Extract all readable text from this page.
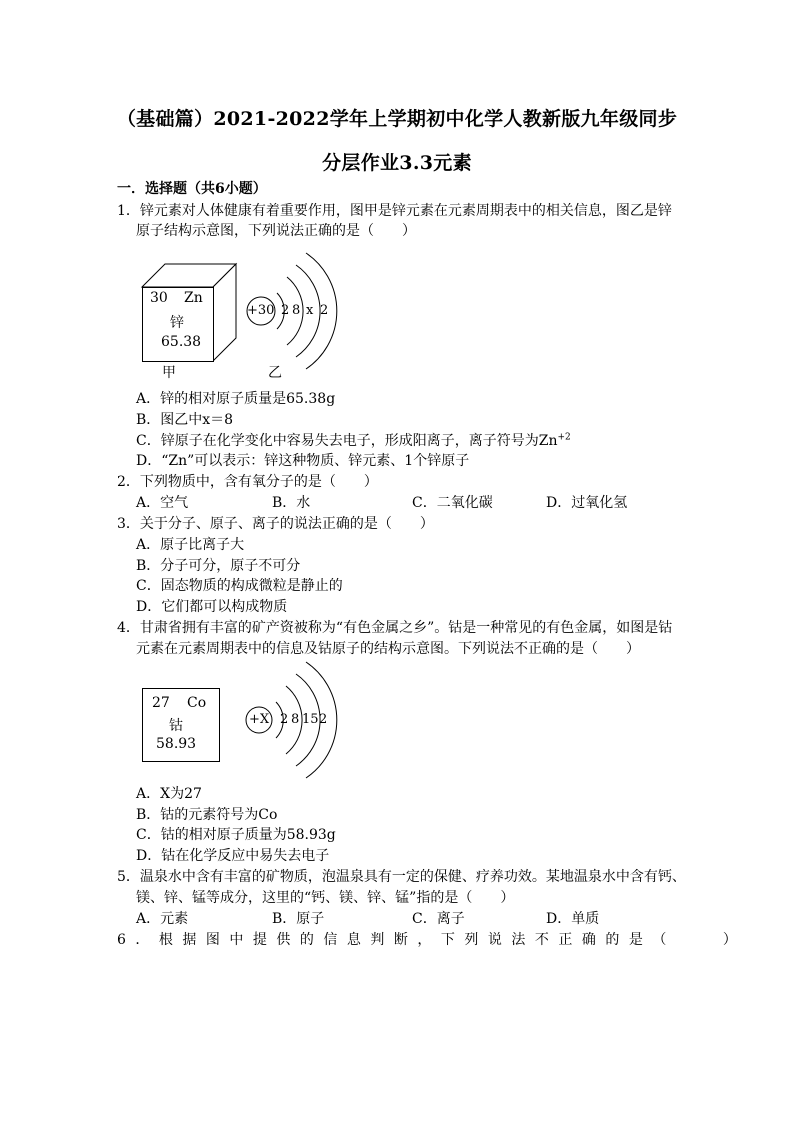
（基础篇）2021-2022学年上学期初中化学人教新版九年级同步
分层作业3.3元素
一．选择题（共6小题）
1．锌元素对人体健康有着重要作用，图甲是锌元素在元素周期表中的相关信息，图乙是锌
原子结构示意图，下列说法正确的是（　　）
30 Zn
锌
65.38
+30 2 8 x 2
甲	乙
A．锌的相对原子质量是65.38g
B．图乙中x＝8
C．锌原子在化学变化中容易失去电子，形成阳离子，离子符号为$Zn^{+2}$
D．“Zn”可以表示：锌这种物质、锌元素、1个锌原子
2．下列物质中，含有氧分子的是（　　）
A．空气	B．水	C．二氧化碳	D．过氧化氢
3．关于分子、原子、离子的说法正确的是（　　）
A．原子比离子大
B．分子可分，原子不可分
C．固态物质的构成微粒是静止的
D．它们都可以构成物质
4．甘肃省拥有丰富的矿产资被称为“有色金属之乡”。钴是一种常见的有色金属，如图是钴
元素在元素周期表中的信息及钴原子的结构示意图。下列说法不正确的是（　　）
27 Co
钴
58.93
+X 2 8 15 2
A．X为27
B．钴的元素符号为Co
C．钴的相对原子质量为58.93g
D．钴在化学反应中易失去电子
5．温泉水中含有丰富的矿物质，泡温泉具有一定的保健、疗养功效。某地温泉水中含有钙、
镁、锌、锰等成分，这里的“钙、镁、锌、锰”指的是（　　）
A．元素	B．原子	C．离子	D．单质
6．根据图中提供的信息判断，下列说法不正确的是（　　）
